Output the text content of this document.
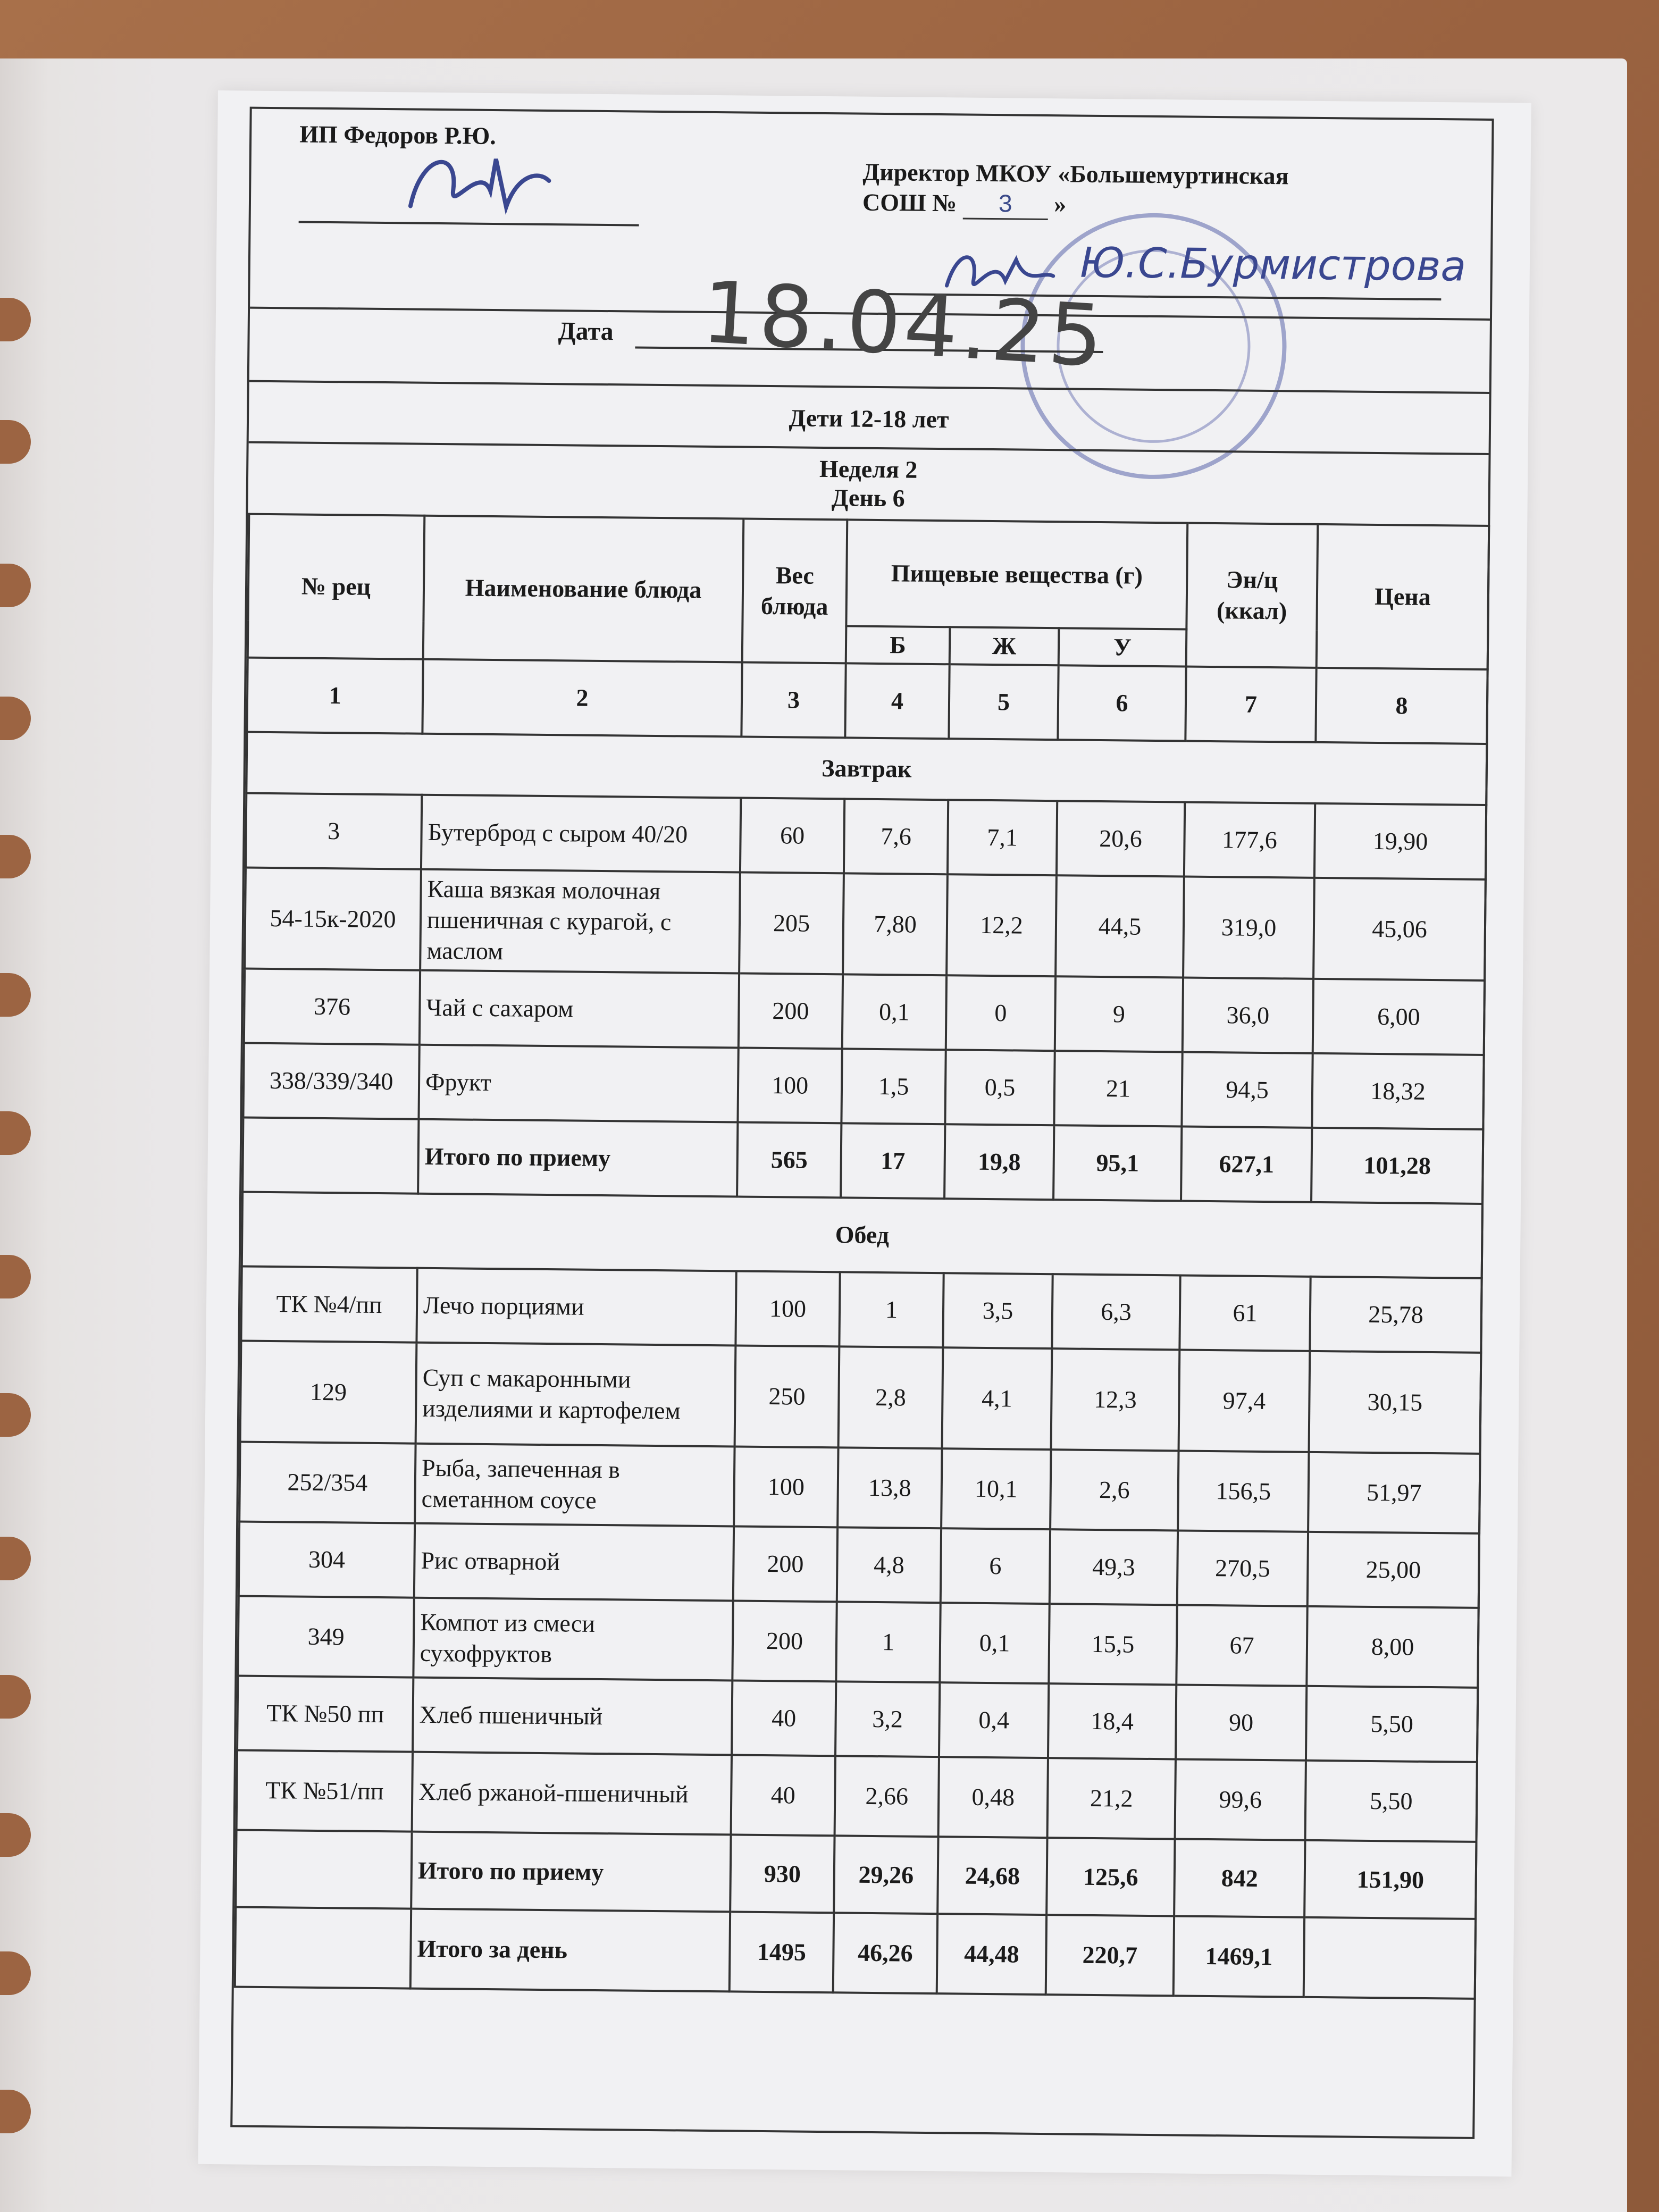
ИП Федоров Р.Ю.
Директор МКОУ «Большемуртинская
СОШ № 3 »
Ю.С.Бурмистрова
Дата 18.04.25
Дети 12-18 лет
Неделя 2
День 6
№ рец	Наименование блюда	Вес блюда	Пищевые вещества (г)			Эн/ц (ккал)	Цена
			Б	Ж	У		
1	2	3	4	5	6	7	8
Завтрак							
3	Бутерброд с сыром 40/20	60	7,6	7,1	20,6	177,6	19,90
54-15к-2020	Каша вязкая молочная пшеничная с курагой, с маслом	205	7,80	12,2	44,5	319,0	45,06
376	Чай с сахаром	200	0,1	0	9	36,0	6,00
338/339/340	Фрукт	100	1,5	0,5	21	94,5	18,32
	Итого по приему	565	17	19,8	95,1	627,1	101,28
Обед							
ТК №4/пп	Лечо порциями	100	1	3,5	6,3	61	25,78
129	Суп с макаронными изделиями и картофелем	250	2,8	4,1	12,3	97,4	30,15
252/354	Рыба, запеченная в сметанном соусе	100	13,8	10,1	2,6	156,5	51,97
304	Рис отварной	200	4,8	6	49,3	270,5	25,00
349	Компот из смеси сухофруктов	200	1	0,1	15,5	67	8,00
ТК №50 пп	Хлеб пшеничный	40	3,2	0,4	18,4	90	5,50
ТК №51/пп	Хлеб ржаной-пшеничный	40	2,66	0,48	21,2	99,6	5,50
	Итого по приему	930	29,26	24,68	125,6	842	151,90
	Итого за день	1495	46,26	44,48	220,7	1469,1	
